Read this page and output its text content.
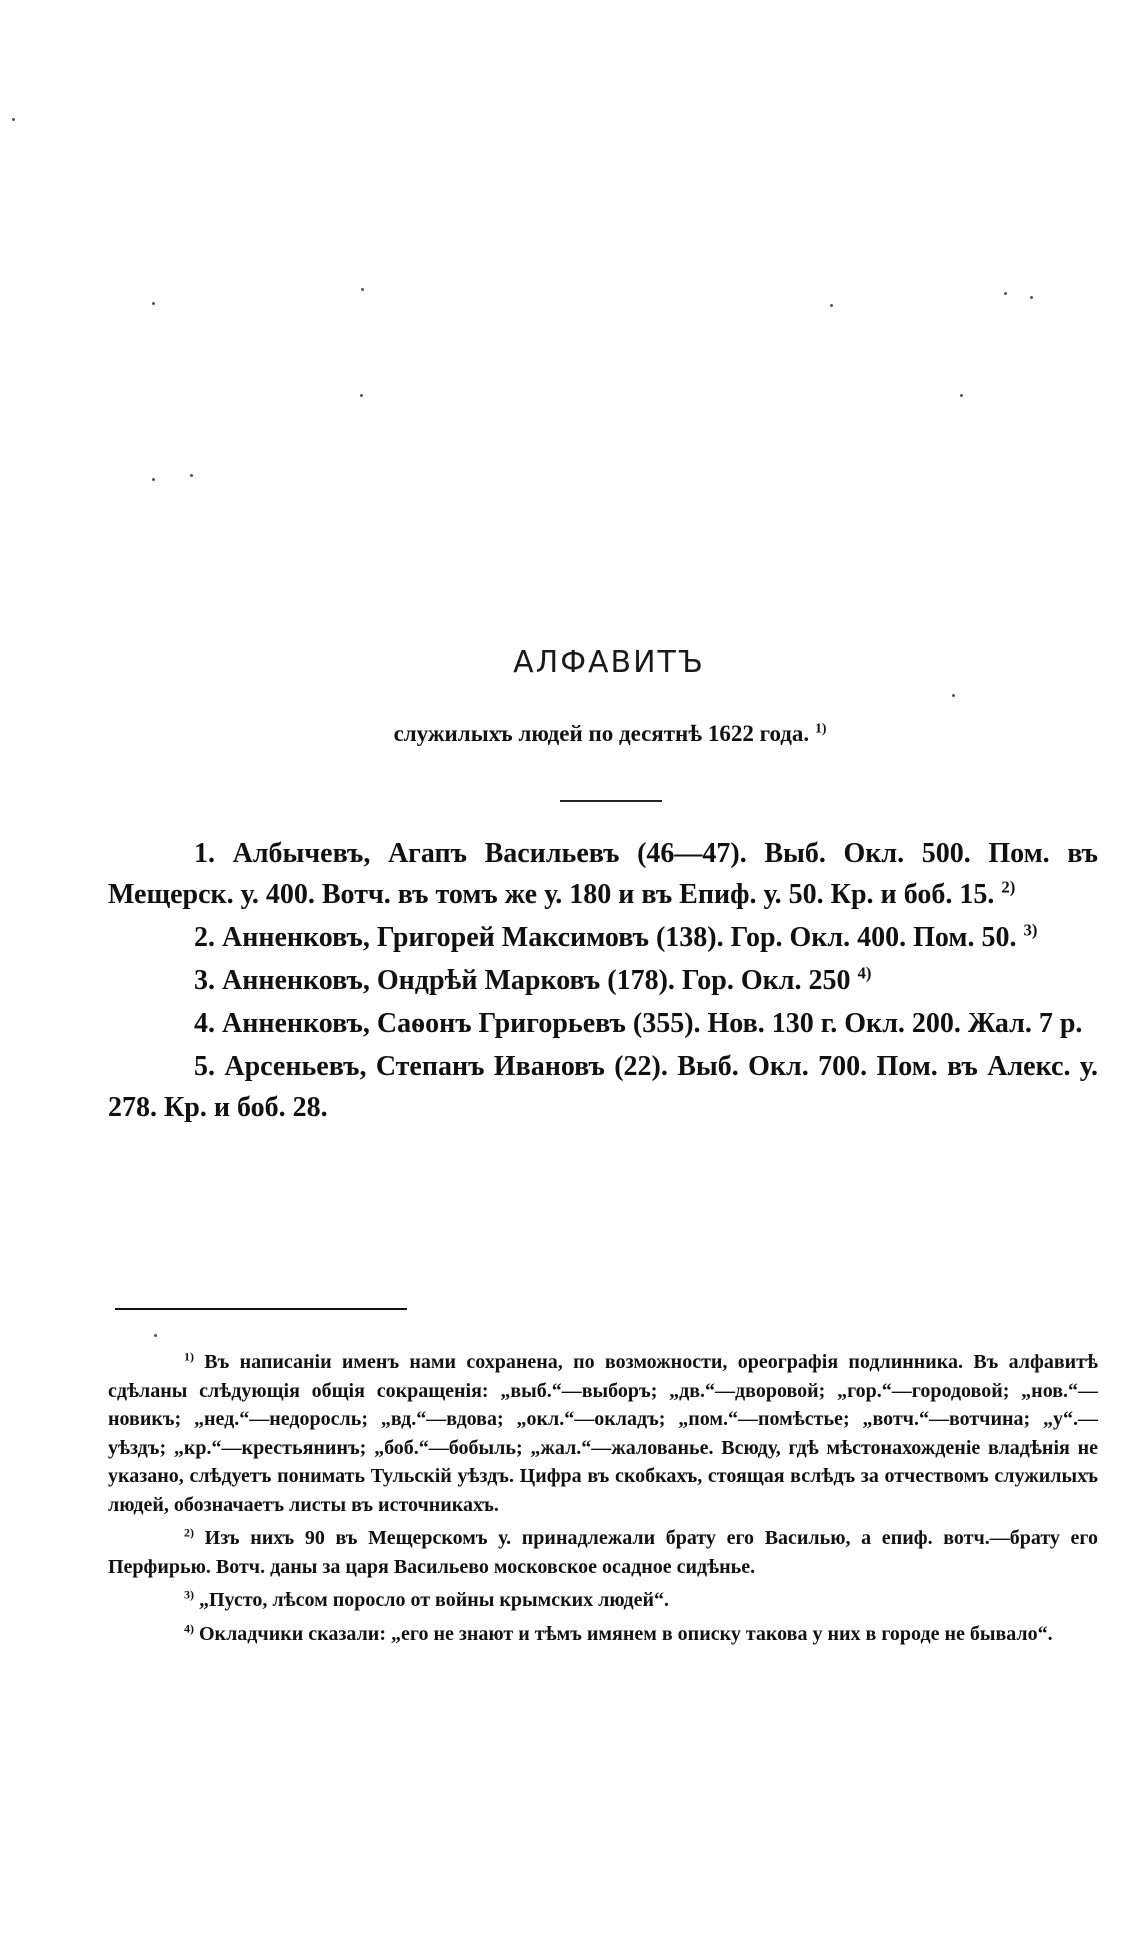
АЛФАВИТЪ
служилыхъ людей по десятнѣ 1622 года. $^{1)}$

1. Албычевъ, Агапъ Васильевъ (46—47). Выб. Окл. 500. Пом. въ Мещерск. у. 400. Вотч. въ томъ же у. 180 и въ Епиф. у. 50. Кр. и боб. 15. $^{2)}$

2. Анненковъ, Григорей Максимовъ (138). Гор. Окл. 400. Пом. 50. $^{3)}$

3. Анненковъ, Ондрѣй Марковъ (178). Гор. Окл. 250 $^{4)}$

4. Анненковъ, Саѳонъ Григорьевъ (355). Нов. 130 г. Окл. 200. Жал. 7 р.

5. Арсеньевъ, Степанъ Ивановъ (22). Выб. Окл. 700. Пом. въ Алекс. у. 278. Кр. и боб. 28.

$^{1)}$ Въ написаніи именъ нами сохранена, по возможности, ореографія подлинника. Въ алфавитѣ сдѣланы слѣдующія общія сокращенія: „выб.“—выборъ; „дв.“—дворовой; „гор.“—городовой; „нов.“—новикъ; „нед.“—недоросль; „вд.“—вдова; „окл.“—окладъ; „пом.“—помѣстье; „вотч.“—вотчина; „у“.—уѣздъ; „кр.“—крестьянинъ; „боб.“—бобыль; „жал.“—жалованье. Всюду, гдѣ мѣстонахожденіе владѣнія не указано, слѣдуетъ понимать Тульскій уѣздъ. Цифра въ скобкахъ, стоящая вслѣдъ за отчествомъ служилыхъ людей, обозначаетъ листы въ источникахъ.

$^{2)}$ Изъ нихъ 90 въ Мещерскомъ у. принадлежали брату его Василью, а епиф. вотч.—брату его Перфирью. Вотч. даны за царя Васильево московское осадное сидѣнье.

$^{3)}$ „Пусто, лѣсом поросло от войны крымских людей“.

$^{4)}$ Окладчики сказали: „его не знают и тѣмъ имянем в описку такова у них в городе не бывало“.
